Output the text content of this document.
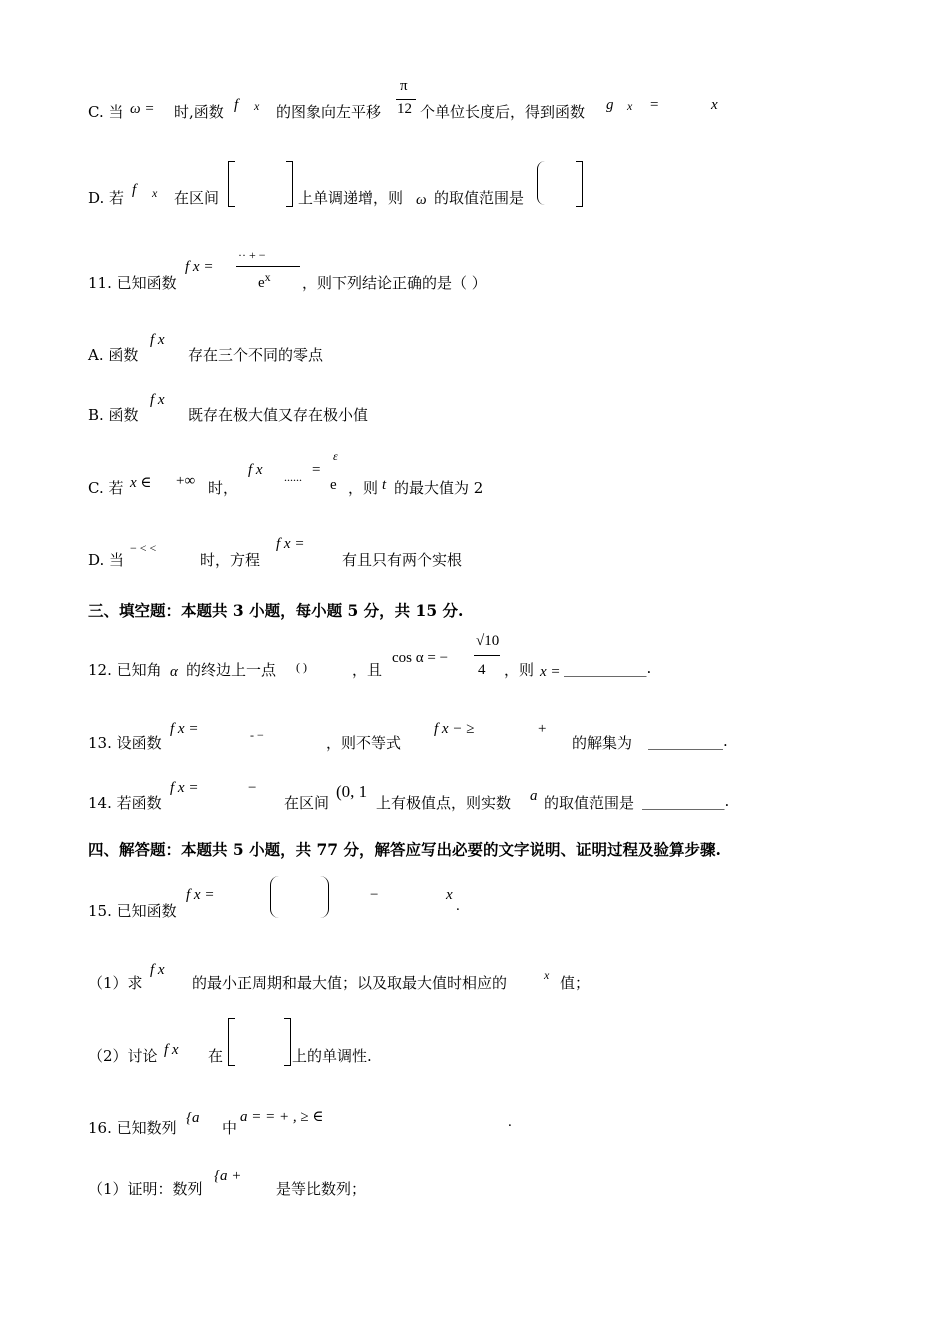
C. 当 ω = 时,函数 f x 的图象向左平移
π
12 个单位长度后，得到函数 g x =	x
D. 若 f x 在区间	上单调递增，则 ω 的取值范围是
11. 已知函数
f x =
·· + −
$e^x$ ，则下列结论正确的是（ ）
A. 函数
f x
存在三个不同的零点
B. 函数
f x
既存在极大值又存在极小值
C. 若 x ∈ +∞ 时，
f x ...... =
ε
e ，则 t 的最大值为 2
D. 当
− < <
时，方程
f x =
有且只有两个实根
三、填空题：本题共 3 小题，每小题 5 分，共 15 分.
12. 已知角 α 的终边上一点 ( )	，且
cos α = −
√10
4 ，则 x = ___________.
13. 设函数
f x =	- −	，则不等式
f x − ≥	+
的解集为 __________.
14. 若函数
f x =	−
在区间
(0, 1
上有极值点，则实数 a 的取值范围是 ___________.
四、解答题：本题共 5 小题，共 77 分，解答应写出必要的文字说明、证明过程及验算步骤.
15. 已知函数
f x =	−	x
.
（1）求
f x
的最小正周期和最大值；以及取最大值时相应的	x 值；
（2）讨论 f x 在	上的单调性.
16. 已知数列
{a
中
a = = + , ≥ ∈	.
（1）证明：数列
{a +
是等比数列；
